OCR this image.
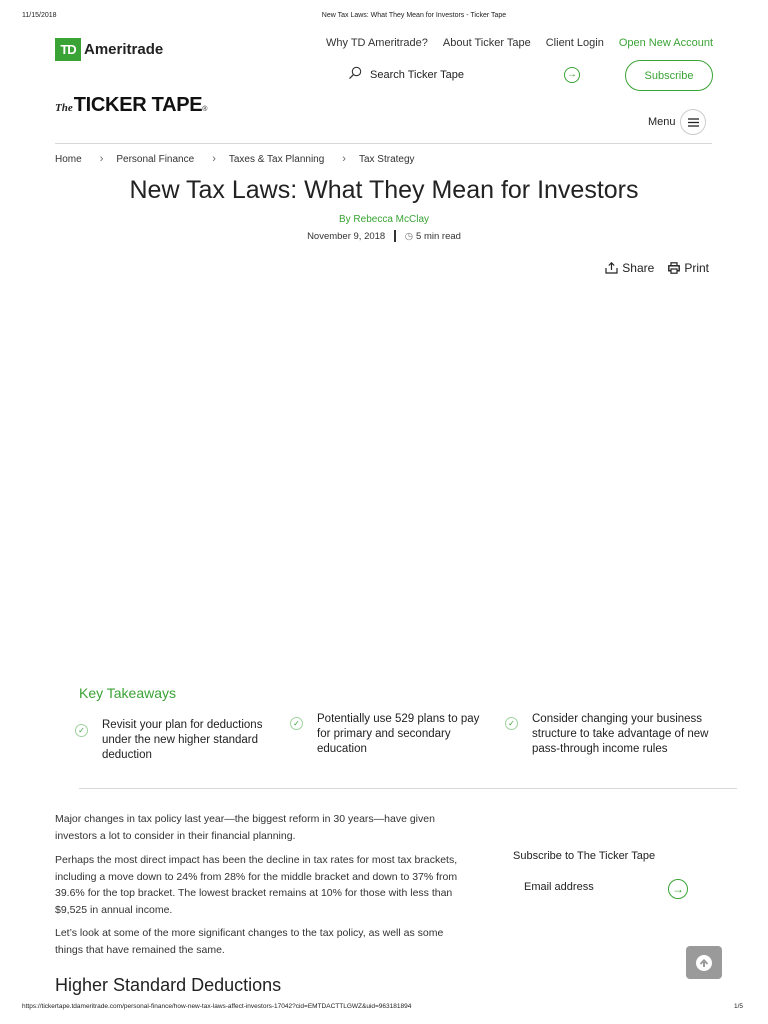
11/15/2018	New Tax Laws: What They Mean for Investors - Ticker Tape
TD Ameritrade	Why TD Ameritrade? About Ticker Tape Client Login Open New Account
Search Ticker Tape	→	Subscribe
The TICKER TAPE ®
Menu
Home › Personal Finance › Taxes & Tax Planning › Tax Strategy
New Tax Laws: What They Mean for Investors
By Rebecca McClay
November 9, 2018 ◷ 5 min read
Share	Print
Key Takeaways
✓ Revisit your plan for deductions under the new higher standard deduction
✓ Potentially use 529 plans to pay for primary and secondary education
✓ Consider changing your business structure to take advantage of new pass-through income rules

Major changes in tax policy last year—the biggest reform in 30 years—have given investors a lot to consider in their financial planning.

Perhaps the most direct impact has been the decline in tax rates for most tax brackets, including a move down to 24% from 28% for the middle bracket and down to 37% from 39.6% for the top bracket. The lowest bracket remains at 10% for those with less than $9,525 in annual income.

Let’s look at some of the more significant changes to the tax policy, as well as some things that have remained the same.

Subscribe to The Ticker Tape
Email address	→
Higher Standard Deductions
https://tickertape.tdameritrade.com/personal-finance/how-new-tax-laws-affect-investors-17042?cid=EMTDACTTLGWZ&uid=963181894	1/5
